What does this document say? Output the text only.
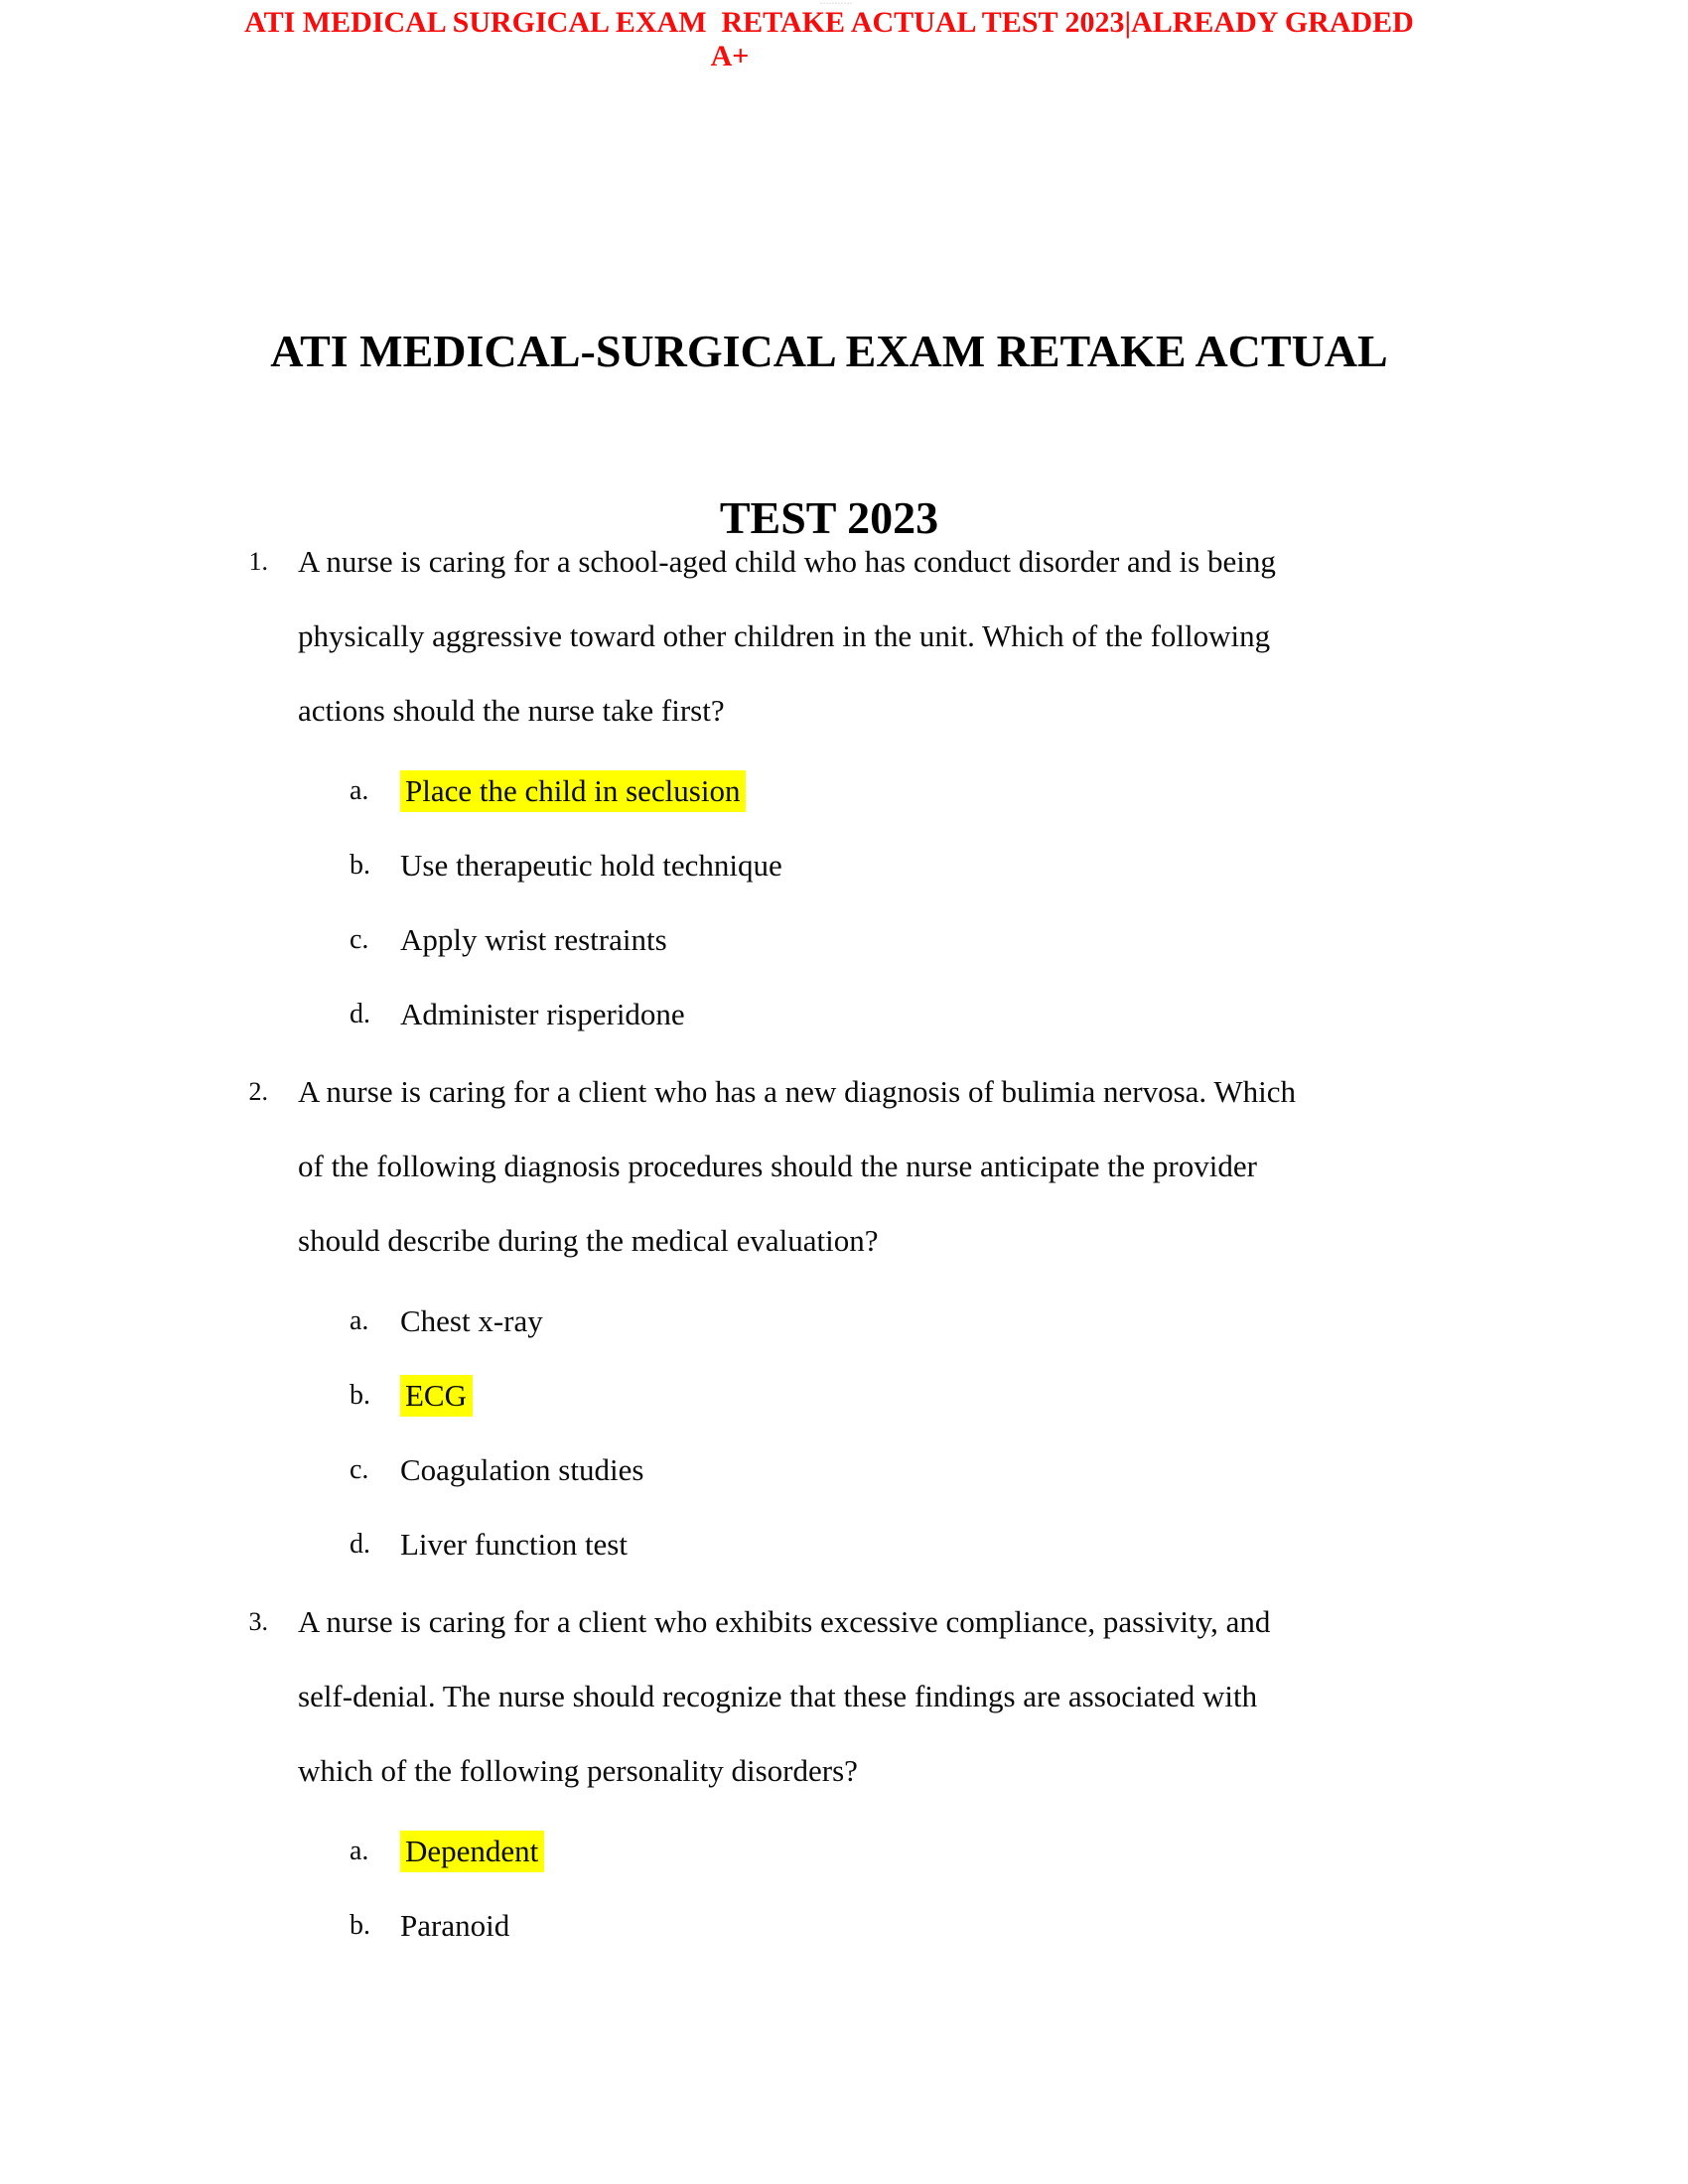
···········
ATI MEDICAL SURGICAL EXAM  RETAKE ACTUAL TEST 2023|ALREADY GRADED
A+

ATI MEDICAL-SURGICAL EXAM RETAKE ACTUAL

TEST 2023

1. A nurse is caring for a school-aged child who has conduct disorder and is being
physically aggressive toward other children in the unit. Which of the following
actions should the nurse take first?
a. Place the child in seclusion
b. Use therapeutic hold technique
c. Apply wrist restraints
d. Administer risperidone
2. A nurse is caring for a client who has a new diagnosis of bulimia nervosa. Which
of the following diagnosis procedures should the nurse anticipate the provider
should describe during the medical evaluation?
a. Chest x-ray
b. ECG
c. Coagulation studies
d. Liver function test
3. A nurse is caring for a client who exhibits excessive compliance, passivity, and
self-denial. The nurse should recognize that these findings are associated with
which of the following personality disorders?
a. Dependent
b. Paranoid
